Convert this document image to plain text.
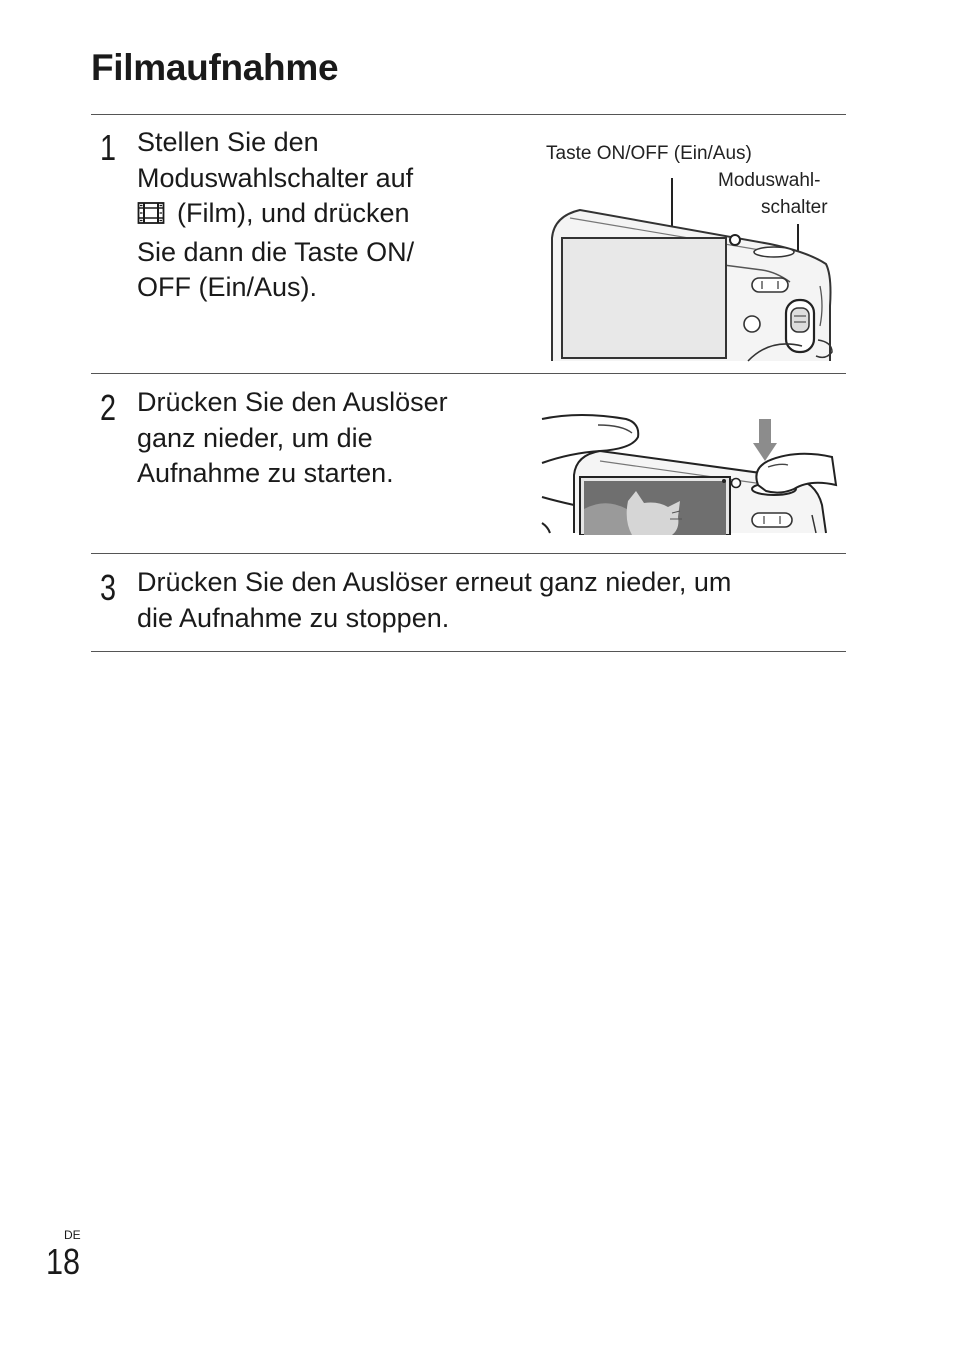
Filmaufnahme
1 Stellen Sie den
Moduswahlschalter auf
(Film), und drücken
Sie dann die Taste ON/
OFF (Ein/Aus).
Taste ON/OFF (Ein/Aus)
Moduswahl-
schalter
2 Drücken Sie den Auslöser
ganz nieder, um die
Aufnahme zu starten.
3 Drücken Sie den Auslöser erneut ganz nieder, um
die Aufnahme zu stoppen.
DE
18
